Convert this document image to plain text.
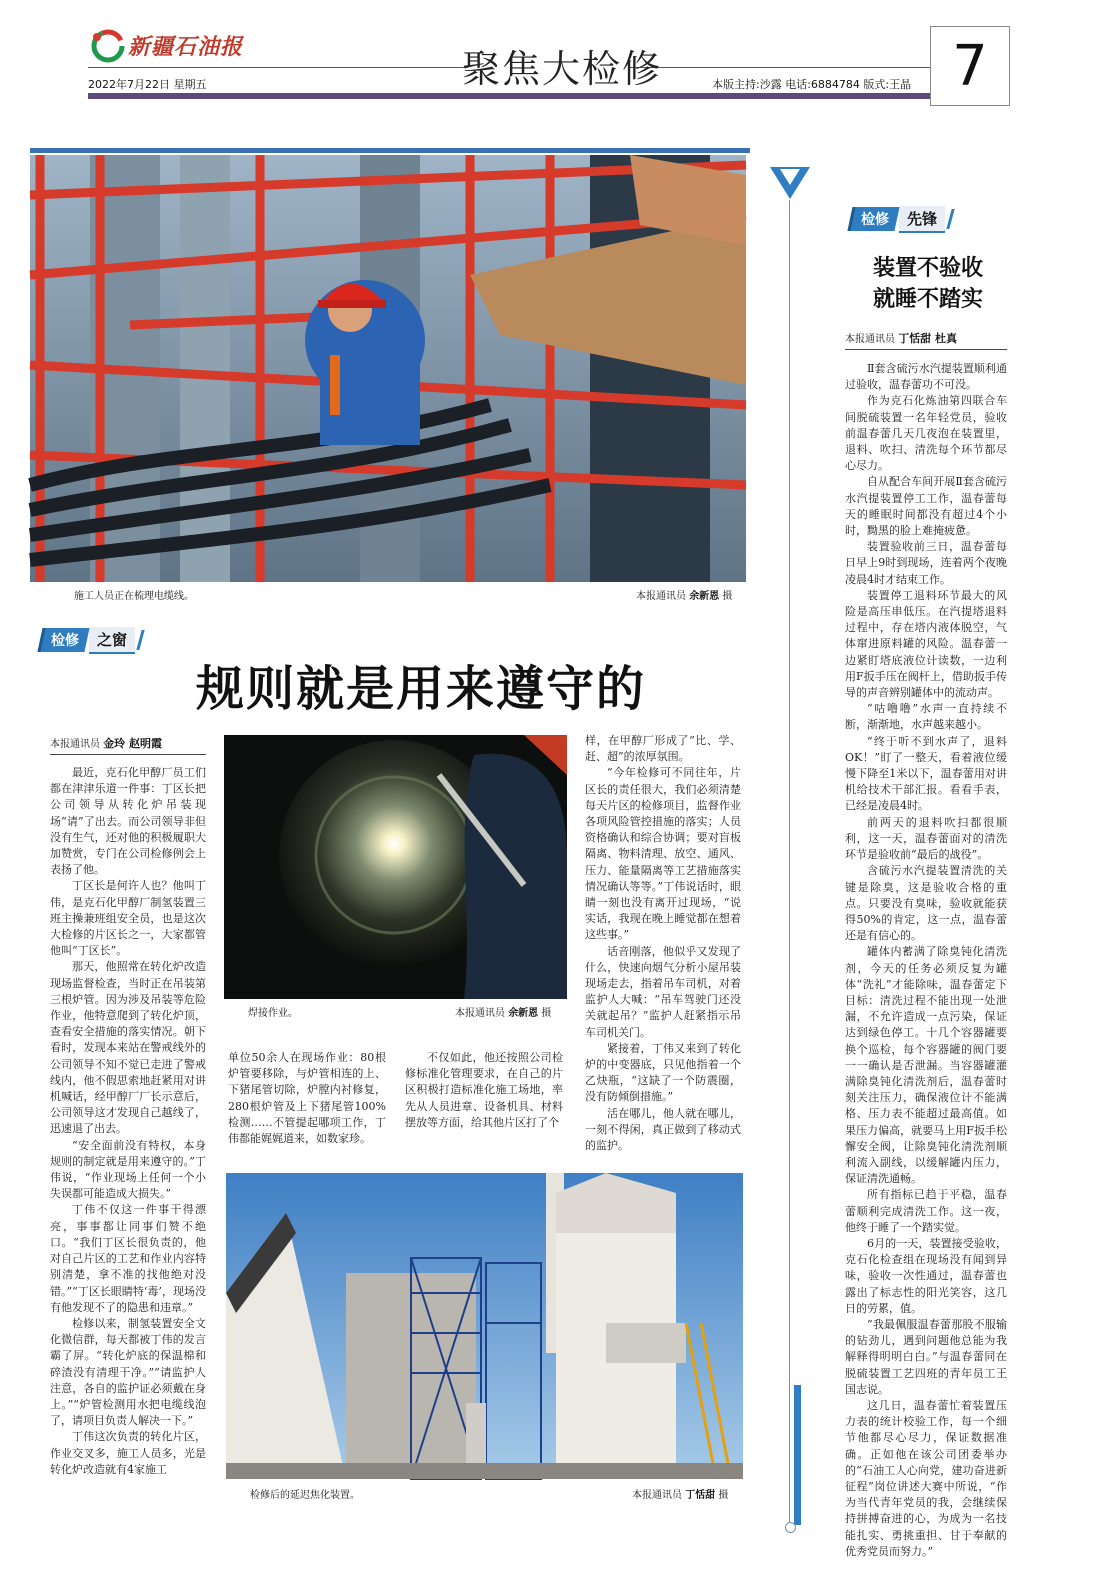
新疆石油报
2022年7月22日 星期五	聚焦大检修	本版主持:沙露 电话:6884784 版式:王晶 7
施工人员正在梳理电缆线。	本报通讯员 余新恩 摄
检修	之窗
规则就是用来遵守的
本报通讯员 金玲 赵明霞

最近，克石化甲醇厂员工们都在津津乐道一件事：丁区长把公司领导从转化炉吊装现场“请”了出去。而公司领导非但没有生气，还对他的积极履职大加赞赏，专门在公司检修例会上表扬了他。

丁区长是何许人也？他叫丁伟，是克石化甲醇厂制氢装置三班主操兼班组安全员，也是这次大检修的片区长之一，大家都管他叫“丁区长”。

那天，他照常在转化炉改造现场监督检查，当时正在吊装第三根炉管。因为涉及吊装等危险作业，他特意爬到了转化炉顶，查看安全措施的落实情况。朝下看时，发现本来站在警戒线外的公司领导不知不觉已走进了警戒线内，他不假思索地赶紧用对讲机喊话，经甲醇厂厂长示意后，公司领导这才发现自己越线了，迅速退了出去。

“安全面前没有特权，本身规则的制定就是用来遵守的。”丁伟说，“作业现场上任何一个小失误都可能造成大损失。”

丁伟不仅这一件事干得漂亮，事事都让同事们赞不绝口。“我们丁区长很负责的，他对自己片区的工艺和作业内容特别清楚，拿不准的找他绝对没错。”“丁区长眼睛特‘毒’，现场没有他发现不了的隐患和违章。”

检修以来，制氢装置安全文化微信群，每天都被丁伟的发言霸了屏。“转化炉底的保温棉和碎渣没有清理干净。”“请监护人注意，各自的监护证必须戴在身上。”“炉管检测用水把电缆线泡了，请项目负责人解决一下。”

丁伟这次负责的转化片区，作业交叉多，施工人员多，光是转化炉改造就有4家施工

焊接作业。	本报通讯员 余新恩 摄

单位50余人在现场作业：80根炉管要移除，与炉管相连的上、下猪尾管切除，炉膛内衬修复，280根炉管及上下猪尾管100%检测……不管提起哪项工作，丁伟都能娓娓道来，如数家珍。

不仅如此，他还按照公司检修标准化管理要求，在自己的片区积极打造标准化施工场地，率先从人员进章、设备机具、材料摆放等方面，给其他片区打了个

样，在甲醇厂形成了“比、学、赶、超”的浓厚氛围。

“今年检修可不同往年，片区长的责任很大，我们必须清楚每天片区的检修项目，监督作业各项风险管控措施的落实；人员资格确认和综合协调；要对盲板隔离、物料清理、放空、通风、压力、能量隔离等工艺措施落实情况确认等等。”丁伟说话时，眼睛一刻也没有离开过现场，“说实话，我现在晚上睡觉都在想着这些事。”

话音刚落，他似乎又发现了什么，快速向烟气分析小屋吊装现场走去，指着吊车司机，对着监护人大喊：“吊车驾驶门还没关就起吊？”监护人赶紧指示吊车司机关门。

紧接着，丁伟又来到了转化炉的中变器底，只见他指着一个乙炔瓶，“这缺了一个防震圈，没有防倾倒措施。”

活在哪儿，他人就在哪儿，一刻不得闲，真正做到了移动式的监护。

检修后的延迟焦化装置。	本报通讯员 丁恬甜 摄
检修	先锋
装置不验收
就睡不踏实
本报通讯员 丁恬甜 杜真

Ⅱ套含硫污水汽提装置顺利通过验收，温春蕾功不可没。

作为克石化炼油第四联合车间脱硫装置一名年轻党员，验收前温春蕾几天几夜泡在装置里，退料、吹扫、清洗每个环节都尽心尽力。

自从配合车间开展Ⅱ套含硫污水汽提装置停工工作，温春蕾每天的睡眠时间都没有超过4个小时，黝黑的脸上难掩疲惫。

装置验收前三日，温春蕾每日早上9时到现场，连着两个夜晚凌晨4时才结束工作。

装置停工退料环节最大的风险是高压串低压。在汽提塔退料过程中，存在塔内液体脱空，气体窜进原料罐的风险。温春蕾一边紧盯塔底液位计读数，一边利用F扳手压在阀杆上，借助扳手传导的声音辨别罐体中的流动声。

“咕噜噜”水声一直持续不断，渐渐地，水声越来越小。

“终于听不到水声了，退料OK！”盯了一整天，看着液位缓慢下降至1米以下，温春蕾用对讲机给技术干部汇报。看看手表，已经是凌晨4时。

前两天的退料吹扫都很顺利，这一天，温春蕾面对的清洗环节是验收前“最后的战役”。

含硫污水汽提装置清洗的关键是除臭，这是验收合格的重点。只要没有臭味，验收就能获得50%的肯定，这一点，温春蕾还是有信心的。

罐体内蓄满了除臭钝化清洗剂，今天的任务必须反复为罐体“洗礼”才能除味，温春蕾定下目标：清洗过程不能出现一处泄漏，不允许造成一点污染，保证达到绿色停工。十几个容器罐要换个巡检，每个容器罐的阀门要一一确认是否泄漏。当容器罐灌满除臭钝化清洗剂后，温春蕾时刻关注压力，确保液位计不能满格、压力表不能超过最高值。如果压力偏高，就要马上用F扳手松懈安全阀，让除臭钝化清洗剂顺利流入副线，以缓解罐内压力，保证清洗通畅。

所有指标已趋于平稳，温春蕾顺利完成清洗工作。这一夜，他终于睡了一个踏实觉。

6月的一天，装置接受验收，克石化检查组在现场没有闻到异味，验收一次性通过，温春蕾也露出了标志性的阳光笑容，这几日的劳累，值。

“我最佩服温春蕾那股不服输的钻劲儿，遇到问题他总能为我解释得明明白白。”与温春蕾同在脱硫装置工艺四班的青年员工王国志说。

这几日，温春蕾忙着装置压力表的统计校验工作，每一个细节他都尽心尽力，保证数据准确。正如他在该公司团委举办的“石油工人心向党，建功奋进新征程”岗位讲述大赛中所说，“作为当代青年党员的我，会继续保持拼搏奋进的心，为成为一名技能扎实、勇挑重担、甘于奉献的优秀党员而努力。”
